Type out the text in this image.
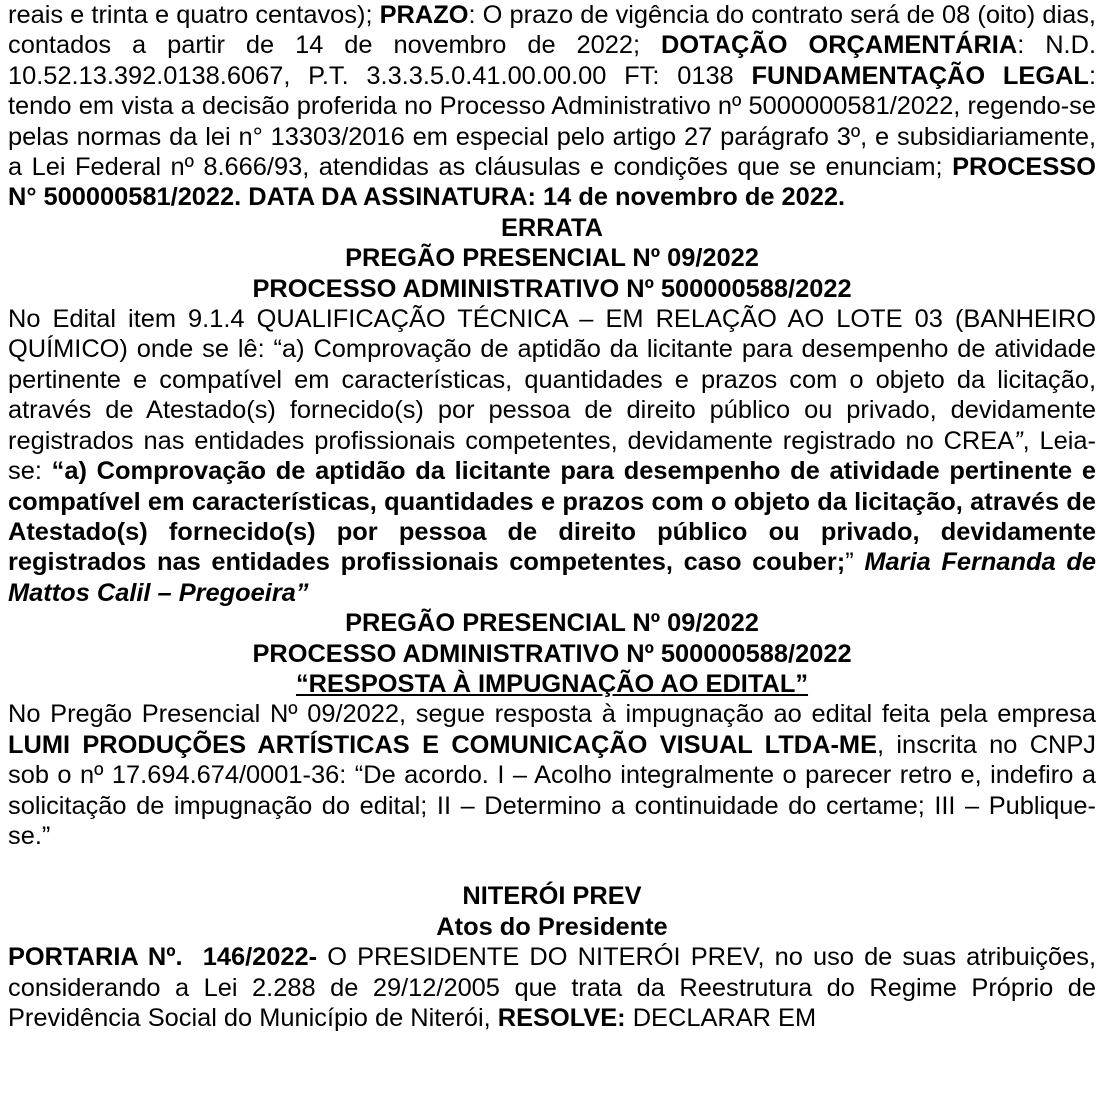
reais e trinta e quatro centavos); PRAZO: O prazo de vigência do contrato será de 08 (oito) dias, contados a partir de 14 de novembro de 2022; DOTAÇÃO ORÇAMENTÁRIA: N.D. 10.52.13.392.0138.6067, P.T. 3.3.3.5.0.41.00.00.00 FT: 0138 FUNDAMENTAÇÃO LEGAL: tendo em vista a decisão proferida no Processo Administrativo nº 5000000581/2022, regendo-se pelas normas da lei n° 13303/2016 em especial pelo artigo 27 parágrafo 3º, e subsidiariamente, a Lei Federal nº 8.666/93, atendidas as cláusulas e condições que se enunciam; PROCESSO N° 500000581/2022. DATA DA ASSINATURA: 14 de novembro de 2022.

ERRATA

PREGÃO PRESENCIAL Nº 09/2022

PROCESSO ADMINISTRATIVO Nº 500000588/2022

No Edital item 9.1.4 QUALIFICAÇÃO TÉCNICA – EM RELAÇÃO AO LOTE 03 (BANHEIRO QUÍMICO) onde se lê: “a) Comprovação de aptidão da licitante para desempenho de atividade pertinente e compatível em características, quantidades e prazos com o objeto da licitação, através de Atestado(s) fornecido(s) por pessoa de direito público ou privado, devidamente registrados nas entidades profissionais competentes, devidamente registrado no CREA”, Leia-se: “a) Comprovação de aptidão da licitante para desempenho de atividade pertinente e compatível em características, quantidades e prazos com o objeto da licitação, através de Atestado(s) fornecido(s) por pessoa de direito público ou privado, devidamente registrados nas entidades profissionais competentes, caso couber;” Maria Fernanda de Mattos Calil – Pregoeira”

PREGÃO PRESENCIAL Nº 09/2022

PROCESSO ADMINISTRATIVO Nº 500000588/2022

“RESPOSTA À IMPUGNAÇÃO AO EDITAL”

No Pregão Presencial Nº 09/2022, segue resposta à impugnação ao edital feita pela empresa LUMI PRODUÇÕES ARTÍSTICAS E COMUNICAÇÃO VISUAL LTDA-ME, inscrita no CNPJ sob o nº 17.694.674/0001-36: “De acordo. I – Acolho integralmente o parecer retro e, indefiro a solicitação de impugnação do edital; II – Determino a continuidade do certame; III – Publique-se.”

NITERÓI PREV

Atos do Presidente

PORTARIA Nº.  146/2022- O PRESIDENTE DO NITERÓI PREV, no uso de suas atribuições, considerando a Lei 2.288 de 29/12/2005 que trata da Reestrutura do Regime Próprio de Previdência Social do Município de Niterói, RESOLVE: DECLARAR EM
